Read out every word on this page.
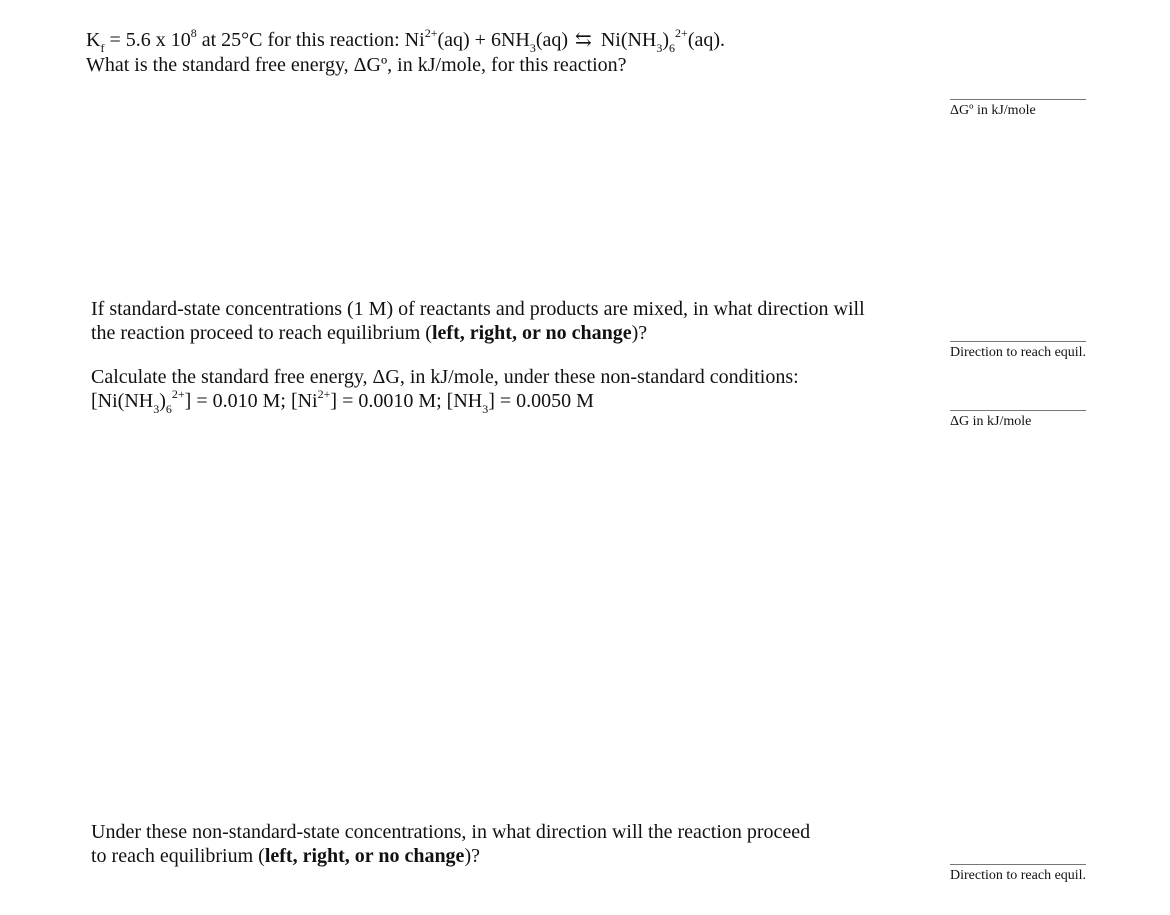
$K_f = 5.6$ x $10^8$ at 25°C for this reaction: $Ni^{2+}(aq) + 6NH_3(aq)$ ⇆ $Ni(NH_3)_6^{2+}(aq)$.
What is the standard free energy, ΔGº, in kJ/mole, for this reaction?
ΔGº in kJ/mole
If standard-state concentrations (1 M) of reactants and products are mixed, in what direction will
the reaction proceed to reach equilibrium (left, right, or no change)?
Direction to reach equil.
Calculate the standard free energy, ΔG, in kJ/mole, under these non-standard conditions:
$[Ni(NH_3)_6^{2+}] = 0.010$ M; $[Ni^{2+}] = 0.0010$ M; $[NH_3] = 0.0050$ M
ΔG in kJ/mole
Under these non-standard-state concentrations, in what direction will the reaction proceed
to reach equilibrium (left, right, or no change)?
Direction to reach equil.
